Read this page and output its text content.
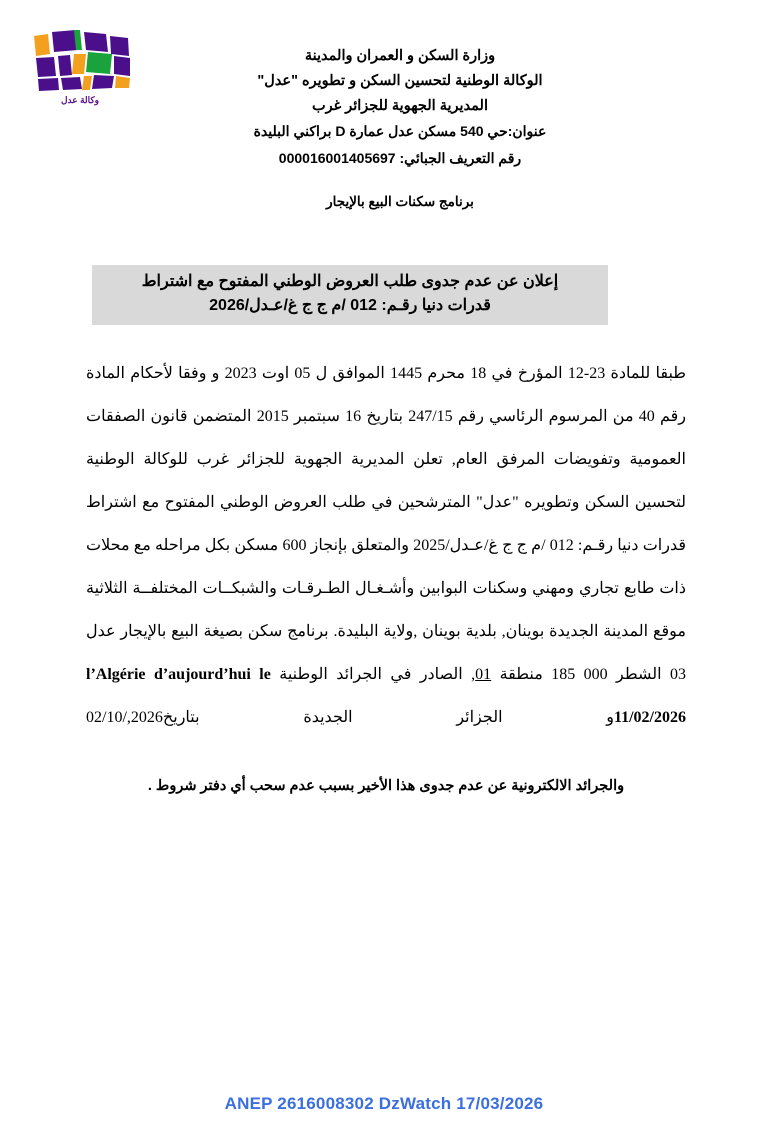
وكالة عدل
وزارة السكن و العمران والمدينة
الوكالة الوطنية لتحسين السكن و تطويره "عدل"
المديرية الجهوية للجزائر غرب
عنوان:حي 540 مسكن عدل عمارة D براكني البليدة
رقم التعريف الجبائي: 000016001405697
برنامج سكنات البيع بالإيجار
إعلان عن عدم جدوى طلب العروض الوطني المفتوح مع اشتراط
قدرات دنيا رقـم: 012 /م ج ج غ/عـدل/2026

طبقا للمادة 23-12 المؤرخ في 18 محرم 1445 الموافق ل 05 اوت 2023 و وفقا لأحكام المادة رقم 40 من المرسوم الرئاسي رقم 247/15 بتاريخ 16 سبتمبر 2015 المتضمن قانون الصفقات العمومية وتفويضات المرفق العام, تعلن المديرية الجهوية للجزائر غرب للوكالة الوطنية لتحسين السكن وتطويره "عدل" المترشحين في طلب العروض الوطني المفتوح مع اشتراط قدرات دنيا رقـم: 012 /م ج ج غ/عـدل/2025 والمتعلق بإنجاز 600 مسكن بكل مراحله مع محلات ذات طابع تجاري ومهني وسكنات البوابين وأشـغـال الطـرقـات والشبكــات المختلفــة الثلاثية موقع المدينة الجديدة بوينان, بلدية بوينان ,ولاية البليدة. برنامج سكن بصيغة البيع بالإيجار عدل 03 الشطر 000 185 منطقة 01, الصادر في الجرائد الوطنية l’Algérie d’aujourd’hui le 11/02/2026و الجزائر الجديدة بتاريخ2026,/02/10

والجرائد الالكترونية عن عدم جدوى هذا الأخير بسبب عدم سحب أي دفتر شروط .
ANEP 2616008302 DzWatch 17/03/2026
